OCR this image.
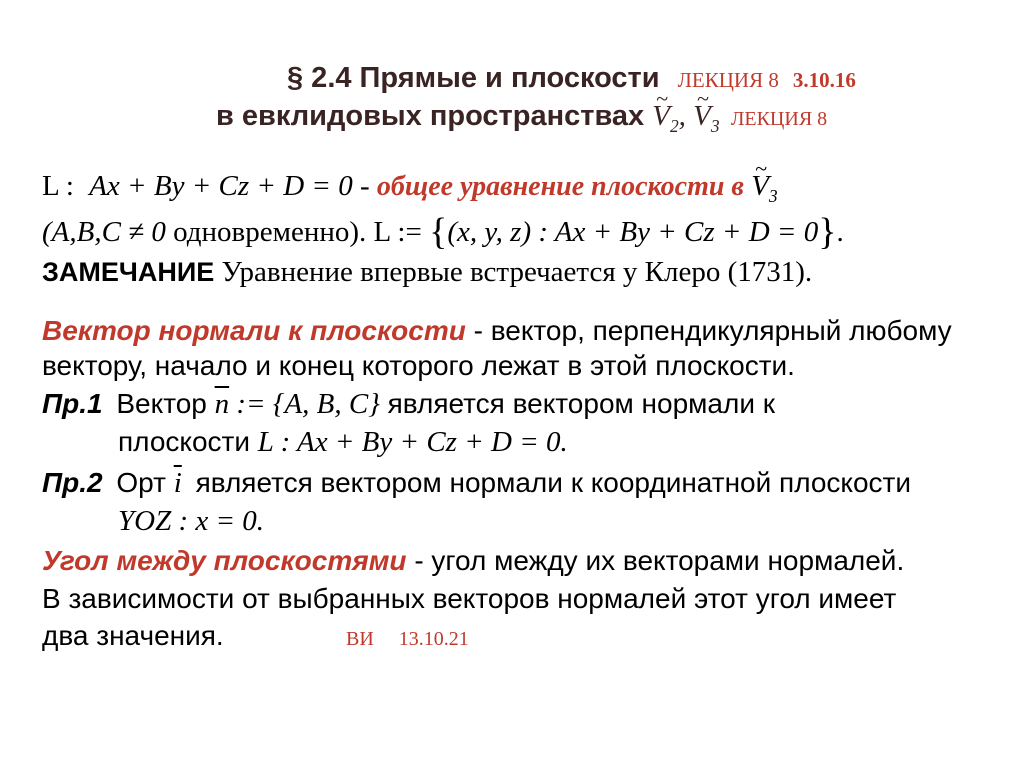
§ 2.4 Прямые и плоскости ЛЕКЦИЯ 8 3.10.16
в евклидовых пространствах ~ $V_2$, ~ $V_3$ ЛЕКЦИЯ 8
L : Ax + By + Cz + D = 0 - общее уравнение плоскости в ~ $V_3$
(A,B,C ≠ 0 одновременно). L := {(x, y, z) : Ax + By + Cz + D = 0}.
ЗАМЕЧАНИЕ Уравнение впервые встречается у Клеро (1731).
Вектор нормали к плоскости - вектор, перпендикулярный любому
вектору, начало и конец которого лежат в этой плоскости.
Пр.1 Вектор $\overline{n}$ := {A, B, C} является вектором нормали к
плоскости L : Ax + By + Cz + D = 0.
Пр.2 Орт $\overline{i}$ является вектором нормали к координатной плоскости
YOZ : x = 0.
Угол между плоскостями - угол между их векторами нормалей.
В зависимости от выбранных векторов нормалей этот угол имеет
два значения.	ВИ 13.10.21
